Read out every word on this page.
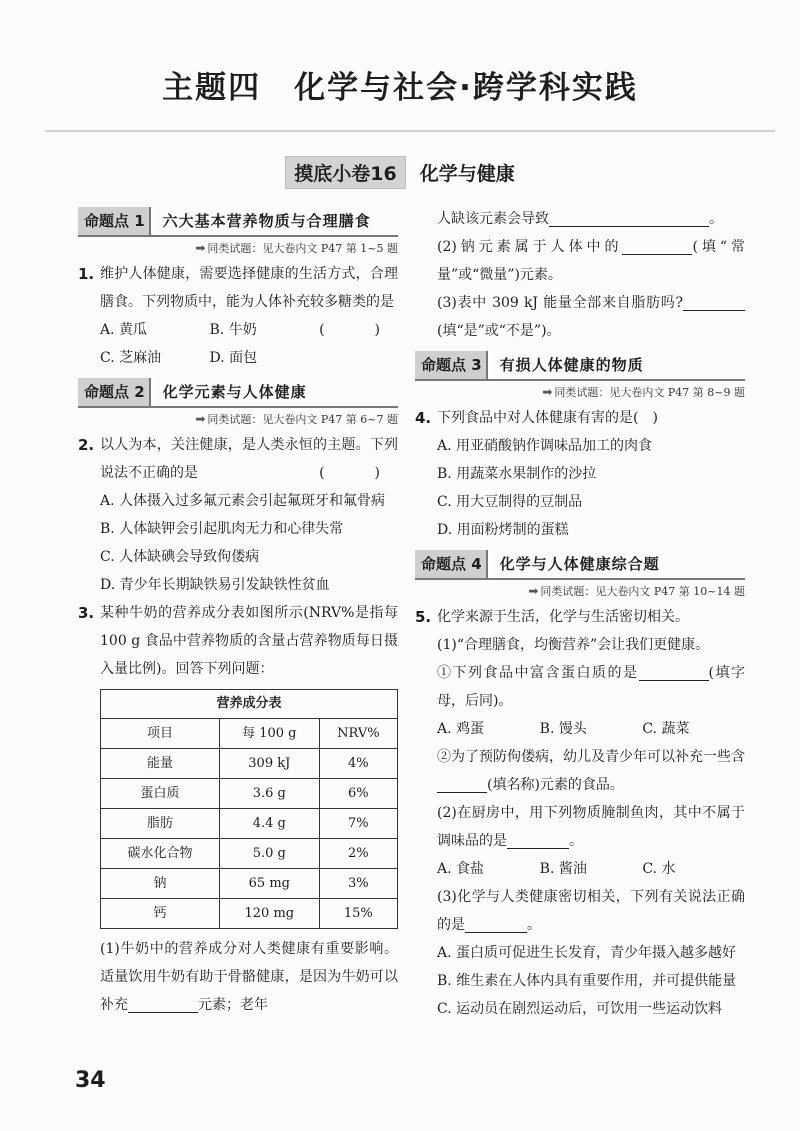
主题四　化学与社会·跨学科实践
摸底小卷16 化学与健康
命题点 1	六大基本营养物质与合理膳食
➡ 同类试题：见大卷内文 P47 第 1~5 题
1. 维护人体健康，需要选择健康的生活方式，合理膳食。下列物质中，能为人体补充较多糖类的是
(　)
A. 黄瓜	B. 牛奶
C. 芝麻油	D. 面包
命题点 2	化学元素与人体健康
➡ 同类试题：见大卷内文 P47 第 6~7 题
2. 以人为本，关注健康，是人类永恒的主题。下列说法不正确的是	(　)
A. 人体摄入过多氟元素会引起氟斑牙和氟骨病
B. 人体缺钾会引起肌肉无力和心律失常
C. 人体缺碘会导致佝偻病
D. 青少年长期缺铁易引发缺铁性贫血
3. 某种牛奶的营养成分表如图所示(NRV%是指每 100 g 食品中营养物质的含量占营养物质每日摄入量比例)。回答下列问题：
营养成分表		
项目	每 100 g	NRV%
能量	309 kJ	4%
蛋白质	3.6 g	6%
脂肪	4.4 g	7%
碳水化合物	5.0 g	2%
钠	65 mg	3%
钙	120 mg	15%
(1)牛奶中的营养成分对人类健康有重要影响。适量饮用牛奶有助于骨骼健康，是因为牛奶可以补充	元素；老年
人缺该元素会导致	。
(2)钠元素属于人体中的	(填“常量”或“微量”)元素。
(3)表中 309 kJ 能量全部来自脂肪吗?(填“是”或“不是”)。
命题点 3	有损人体健康的物质
➡ 同类试题：见大卷内文 P47 第 8~9 题
4. 下列食品中对人体健康有害的是(　)
A. 用亚硝酸钠作调味品加工的肉食
B. 用蔬菜水果制作的沙拉
C. 用大豆制得的豆制品
D. 用面粉烤制的蛋糕
命题点 4	化学与人体健康综合题
➡ 同类试题：见大卷内文 P47 第 10~14 题
5. 化学来源于生活，化学与生活密切相关。
(1)“合理膳食，均衡营养”会让我们更健康。
①下列食品中富含蛋白质的是	(填字母，后同)。
A. 鸡蛋	B. 馒头	C. 蔬菜
②为了预防佝偻病，幼儿及青少年可以补充一些含(填名称)元素的食品。
(2)在厨房中，用下列物质腌制鱼肉，其中不属于调味品的是	。
A. 食盐	B. 酱油	C. 水
(3)化学与人类健康密切相关，下列有关说法正确的是	。
A. 蛋白质可促进生长发育，青少年摄入越多越好
B. 维生素在人体内具有重要作用，并可提供能量
C. 运动员在剧烈运动后，可饮用一些运动饮料
34
